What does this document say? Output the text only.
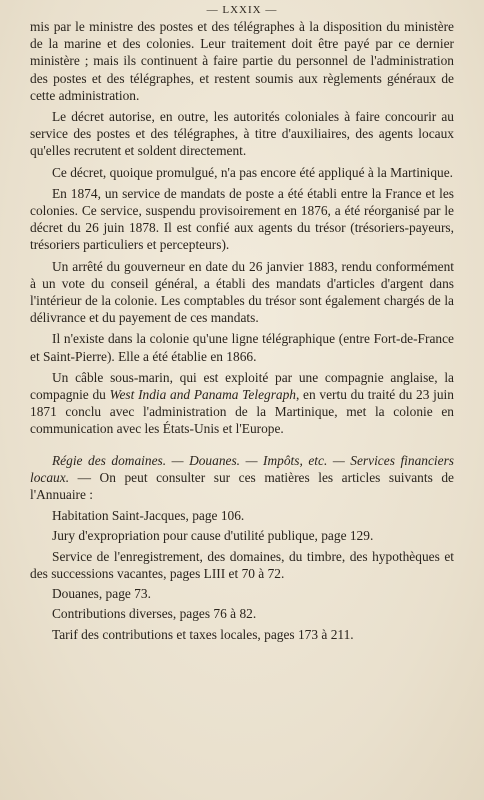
— LXXIX —

mis par le ministre des postes et des télégraphes à la disposition du ministère de la marine et des colonies. Leur traitement doit être payé par ce dernier ministère ; mais ils continuent à faire partie du personnel de l'administration des postes et des télégraphes, et restent soumis aux règlements généraux de cette administration.

Le décret autorise, en outre, les autorités coloniales à faire concourir au service des postes et des télégraphes, à titre d'auxiliaires, des agents locaux qu'elles recrutent et soldent directement.

Ce décret, quoique promulgué, n'a pas encore été appliqué à la Martinique.

En 1874, un service de mandats de poste a été établi entre la France et les colonies. Ce service, suspendu provisoirement en 1876, a été réorganisé par le décret du 26 juin 1878. Il est confié aux agents du trésor (trésoriers-payeurs, trésoriers particuliers et percepteurs).

Un arrêté du gouverneur en date du 26 janvier 1883, rendu conformément à un vote du conseil général, a établi des mandats d'articles d'argent dans l'intérieur de la colonie. Les comptables du trésor sont également chargés de la délivrance et du payement de ces mandats.

Il n'existe dans la colonie qu'une ligne télégraphique (entre Fort-de-France et Saint-Pierre). Elle a été établie en 1866.

Un câble sous-marin, qui est exploité par une compagnie anglaise, la compagnie du West India and Panama Telegraph, en vertu du traité du 23 juin 1871 conclu avec l'administration de la Martinique, met la colonie en communication avec les États-Unis et l'Europe.

Régie des domaines. — Douanes. — Impôts, etc. — Services financiers locaux. — On peut consulter sur ces matières les articles suivants de l'Annuaire :

Habitation Saint-Jacques, page 106.

Jury d'expropriation pour cause d'utilité publique, page 129.

Service de l'enregistrement, des domaines, du timbre, des hypothèques et des successions vacantes, pages LIII et 70 à 72.

Douanes, page 73.

Contributions diverses, pages 76 à 82.

Tarif des contributions et taxes locales, pages 173 à 211.
